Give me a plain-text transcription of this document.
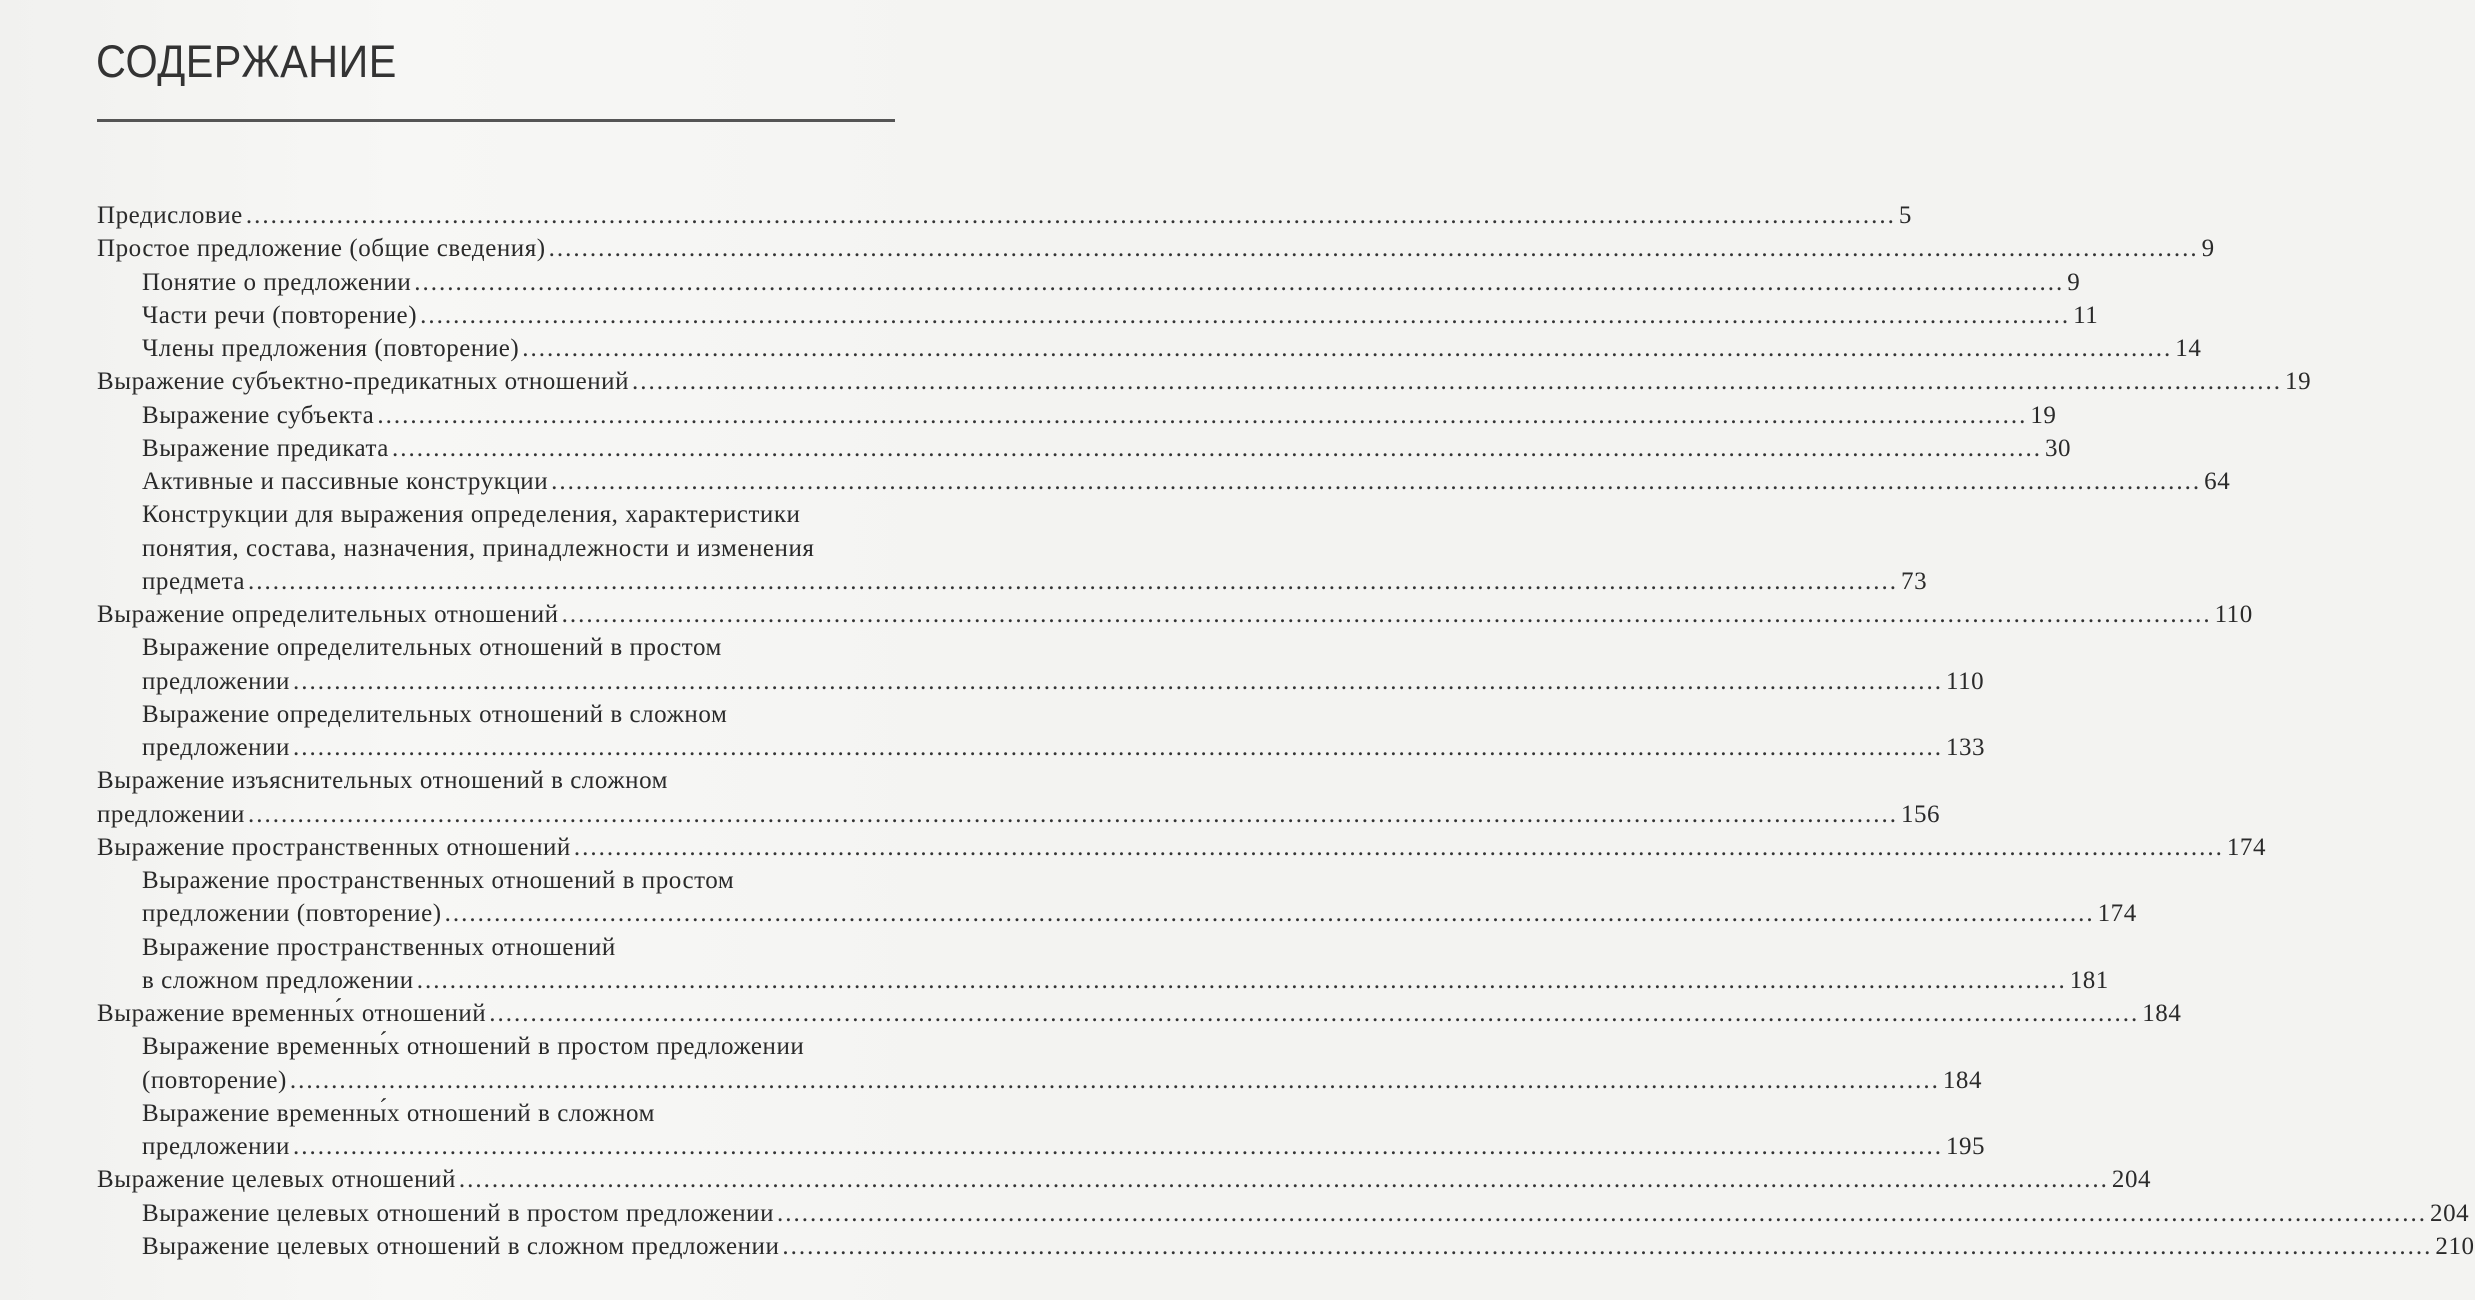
СОДЕРЖАНИЕ
Предисловие ........................................................................................................................................................................................................ 5
Простое предложение (общие сведения) ........................................................................................................................................................................................................ 9
Понятие о предложении ........................................................................................................................................................................................................ 9
Части речи (повторение) ........................................................................................................................................................................................................ 11
Члены предложения (повторение) ........................................................................................................................................................................................................ 14
Выражение субъектно-предикатных отношений ........................................................................................................................................................................................................ 19
Выражение субъекта ........................................................................................................................................................................................................ 19
Выражение предиката ........................................................................................................................................................................................................ 30
Активные и пассивные конструкции ........................................................................................................................................................................................................ 64
Конструкции для выражения определения, характеристики
понятия, состава, назначения, принадлежности и изменения
предмета ........................................................................................................................................................................................................ 73
Выражение определительных отношений ........................................................................................................................................................................................................ 110
Выражение определительных отношений в простом
предложении ........................................................................................................................................................................................................ 110
Выражение определительных отношений в сложном
предложении ........................................................................................................................................................................................................ 133
Выражение изъяснительных отношений в сложном
предложении ........................................................................................................................................................................................................ 156
Выражение пространственных отношений ........................................................................................................................................................................................................ 174
Выражение пространственных отношений в простом
предложении (повторение) ........................................................................................................................................................................................................ 174
Выражение пространственных отношений
в сложном предложении ........................................................................................................................................................................................................ 181
Выражение временны́х отношений ........................................................................................................................................................................................................ 184
Выражение временны́х отношений в простом предложении
(повторение) ........................................................................................................................................................................................................ 184
Выражение временны́х отношений в сложном
предложении ........................................................................................................................................................................................................ 195
Выражение целевых отношений ........................................................................................................................................................................................................ 204
Выражение целевых отношений в простом предложении ........................................................................................................................................................................................................ 204
Выражение целевых отношений в сложном предложении ........................................................................................................................................................................................................ 210
